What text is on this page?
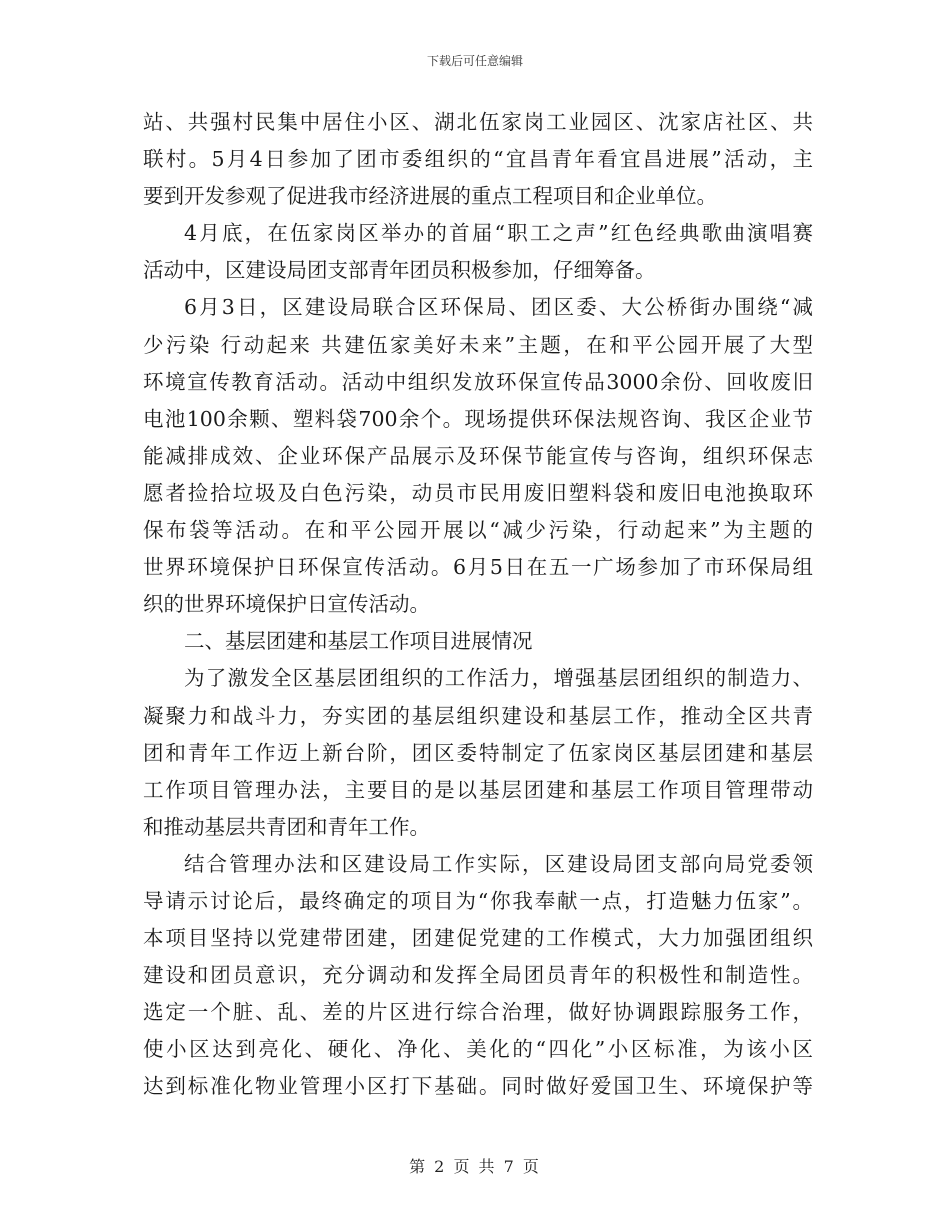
下载后可任意编辑
站、共强村民集中居住小区、湖北伍家岗工业园区、沈家店社区、共
联村。5月4日参加了团市委组织的“宜昌青年看宜昌进展”活动，主
要到开发参观了促进我市经济进展的重点工程项目和企业单位。
4月底，在伍家岗区举办的首届“职工之声”红色经典歌曲演唱赛
活动中，区建设局团支部青年团员积极参加，仔细筹备。
6月3日，区建设局联合区环保局、团区委、大公桥街办围绕“减
少污染 行动起来 共建伍家美好未来”主题，在和平公园开展了大型
环境宣传教育活动。活动中组织发放环保宣传品3000余份、回收废旧
电池100余颗、塑料袋700余个。现场提供环保法规咨询、我区企业节
能减排成效、企业环保产品展示及环保节能宣传与咨询，组织环保志
愿者捡拾垃圾及白色污染，动员市民用废旧塑料袋和废旧电池换取环
保布袋等活动。在和平公园开展以“减少污染，行动起来”为主题的
世界环境保护日环保宣传活动。6月5日在五一广场参加了市环保局组
织的世界环境保护日宣传活动。
二、基层团建和基层工作项目进展情况
为了激发全区基层团组织的工作活力，增强基层团组织的制造力、
凝聚力和战斗力，夯实团的基层组织建设和基层工作，推动全区共青
团和青年工作迈上新台阶，团区委特制定了伍家岗区基层团建和基层
工作项目管理办法，主要目的是以基层团建和基层工作项目管理带动
和推动基层共青团和青年工作。
结合管理办法和区建设局工作实际，区建设局团支部向局党委领
导请示讨论后，最终确定的项目为“你我奉献一点，打造魅力伍家”。
本项目坚持以党建带团建，团建促党建的工作模式，大力加强团组织
建设和团员意识，充分调动和发挥全局团员青年的积极性和制造性。
选定一个脏、乱、差的片区进行综合治理，做好协调跟踪服务工作，
使小区达到亮化、硬化、净化、美化的“四化”小区标准，为该小区
达到标准化物业管理小区打下基础。同时做好爱国卫生、环境保护等
第 2 页 共 7 页
